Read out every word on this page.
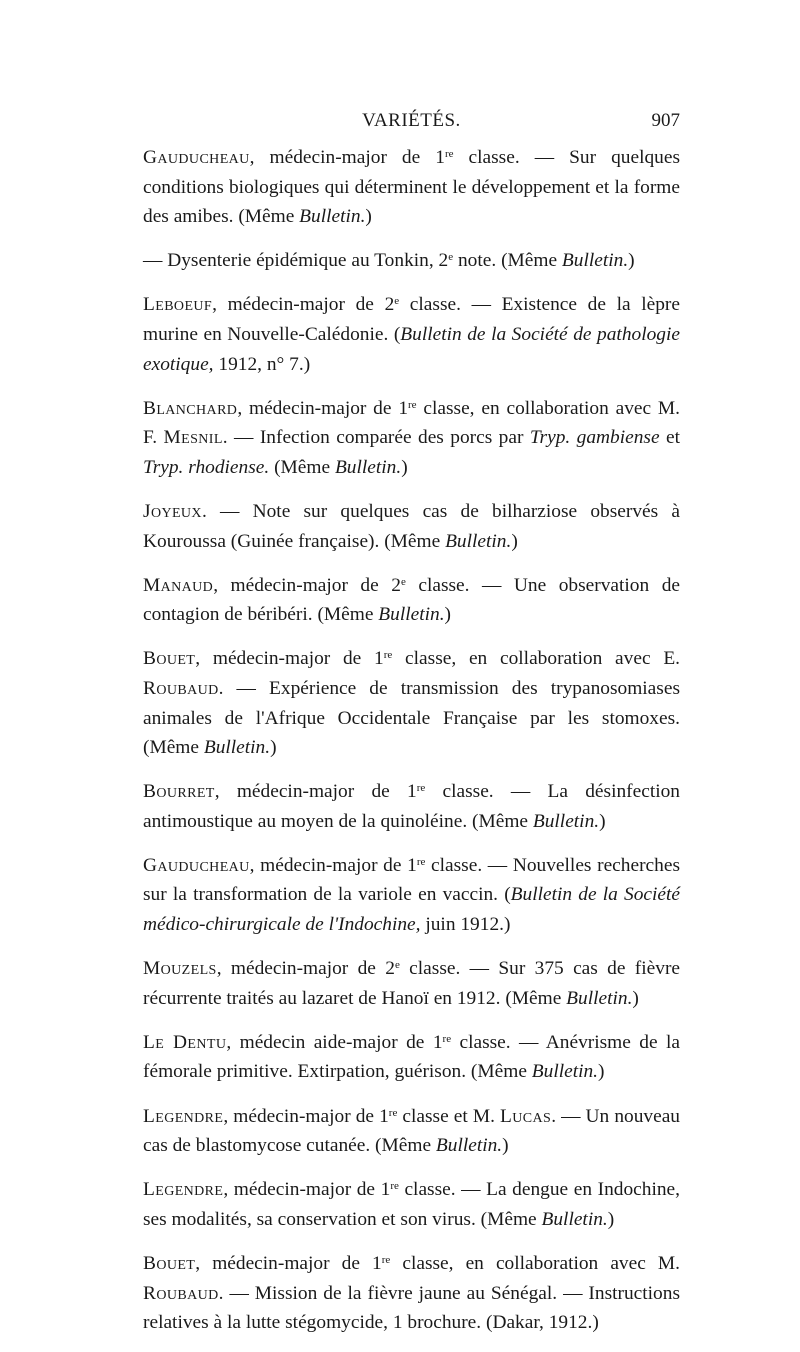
VARIÉTÉS.	907

Gauducheau, médecin-major de 1re classe. — Sur quelques conditions biologiques qui déterminent le développement et la forme des amibes. (Même Bulletin.)

— Dysenterie épidémique au Tonkin, 2e note. (Même Bulletin.)

Leboeuf, médecin-major de 2e classe. — Existence de la lèpre murine en Nouvelle-Calédonie. (Bulletin de la Société de pathologie exotique, 1912, n° 7.)

Blanchard, médecin-major de 1re classe, en collaboration avec M. F. Mesnil. — Infection comparée des porcs par Tryp. gambiense et Tryp. rhodiense. (Même Bulletin.)

Joyeux. — Note sur quelques cas de bilharziose observés à Kouroussa (Guinée française). (Même Bulletin.)

Manaud, médecin-major de 2e classe. — Une observation de contagion de béribéri. (Même Bulletin.)

Bouet, médecin-major de 1re classe, en collaboration avec E. Roubaud. — Expérience de transmission des trypanosomiases animales de l'Afrique Occidentale Française par les stomoxes. (Même Bulletin.)

Bourret, médecin-major de 1re classe. — La désinfection antimoustique au moyen de la quinoléine. (Même Bulletin.)

Gauducheau, médecin-major de 1re classe. — Nouvelles recherches sur la transformation de la variole en vaccin. (Bulletin de la Société médico-chirurgicale de l'Indochine, juin 1912.)

Mouzels, médecin-major de 2e classe. — Sur 375 cas de fièvre récurrente traités au lazaret de Hanoï en 1912. (Même Bulletin.)

Le Dentu, médecin aide-major de 1re classe. — Anévrisme de la fémorale primitive. Extirpation, guérison. (Même Bulletin.)

Legendre, médecin-major de 1re classe et M. Lucas. — Un nouveau cas de blastomycose cutanée. (Même Bulletin.)

Legendre, médecin-major de 1re classe. — La dengue en Indochine, ses modalités, sa conservation et son virus. (Même Bulletin.)

Bouet, médecin-major de 1re classe, en collaboration avec M. Roubaud. — Mission de la fièvre jaune au Sénégal. — Instructions relatives à la lutte stégomycide, 1 brochure. (Dakar, 1912.)
